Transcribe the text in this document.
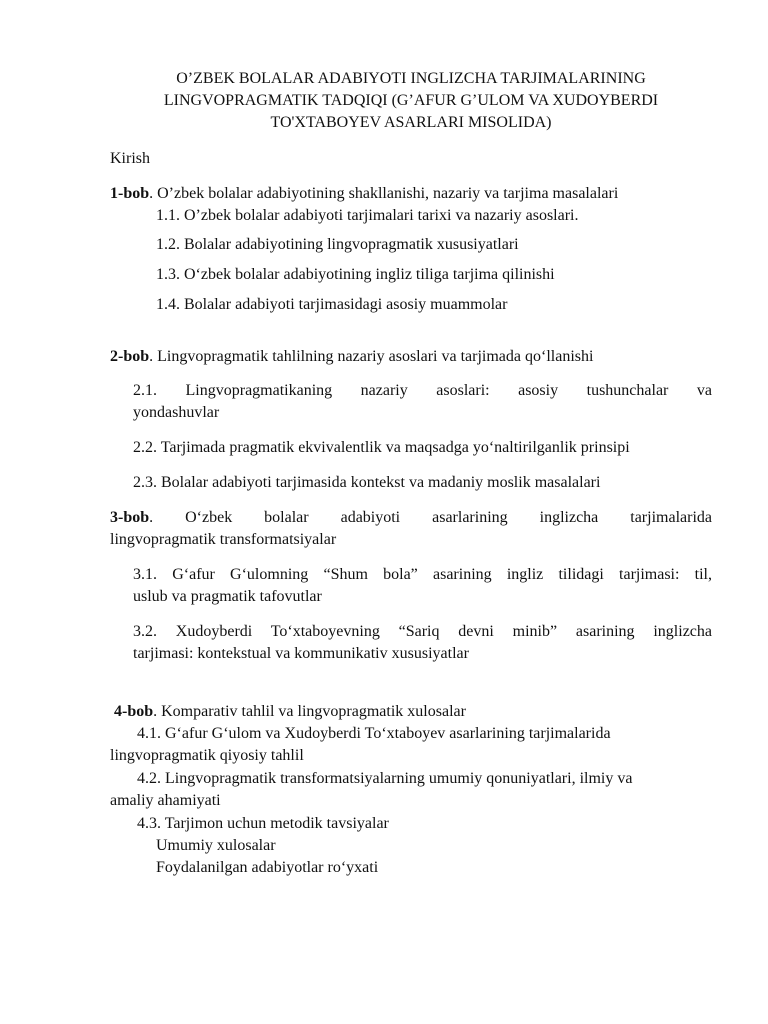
O’ZBEK BOLALAR ADABIYOTI INGLIZCHA TARJIMALARINING
LINGVOPRAGMATIK TADQIQI (G’AFUR G’ULOM VA XUDOYBERDI
TO'XTABOYEV ASARLARI MISOLIDA)
Kirish
1-bob. O’zbek bolalar adabiyotining shakllanishi, nazariy va tarjima masalalari
1.1. O’zbek bolalar adabiyoti tarjimalari tarixi va nazariy asoslari.
1.2. Bolalar adabiyotining lingvopragmatik xususiyatlari
1.3. O‘zbek bolalar adabiyotining ingliz tiliga tarjima qilinishi
1.4. Bolalar adabiyoti tarjimasidagi asosiy muammolar
2-bob. Lingvopragmatik tahlilning nazariy asoslari va tarjimada qo‘llanishi
2.1. Lingvopragmatikaning nazariy asoslari: asosiy tushunchalar va
yondashuvlar
2.2. Tarjimada pragmatik ekvivalentlik va maqsadga yo‘naltirilganlik prinsipi
2.3. Bolalar adabiyoti tarjimasida kontekst va madaniy moslik masalalari
3-bob. O‘zbek bolalar adabiyoti asarlarining inglizcha tarjimalarida
lingvopragmatik transformatsiyalar
3.1. G‘afur G‘ulomning “Shum bola” asarining ingliz tilidagi tarjimasi: til,
uslub va pragmatik tafovutlar
3.2. Xudoyberdi To‘xtaboyevning “Sariq devni minib” asarining inglizcha
tarjimasi: kontekstual va kommunikativ xususiyatlar
4-bob. Komparativ tahlil va lingvopragmatik xulosalar
4.1. G‘afur G‘ulom va Xudoyberdi To‘xtaboyev asarlarining tarjimalarida
lingvopragmatik qiyosiy tahlil
4.2. Lingvopragmatik transformatsiyalarning umumiy qonuniyatlari, ilmiy va
amaliy ahamiyati
4.3. Tarjimon uchun metodik tavsiyalar
Umumiy xulosalar
Foydalanilgan adabiyotlar ro‘yxati
